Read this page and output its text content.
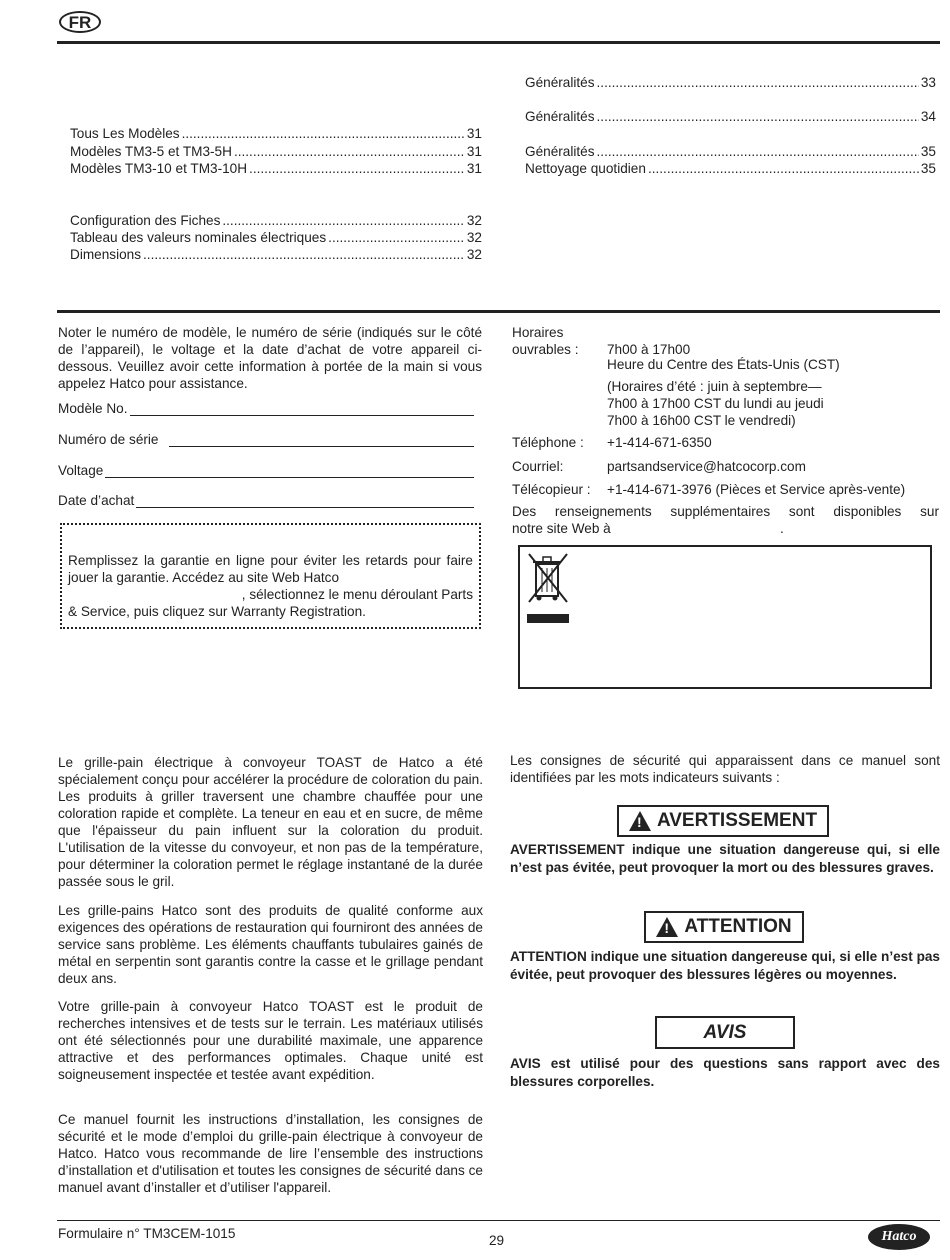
FR
Tous Les Modèles .....	31
Modèles TM3-5 et TM3-5H .....	31
Modèles TM3-10 et TM3-10H .....	31
Configuration des Fiches .....	32
Tableau des valeurs nominales électriques .....	32
Dimensions .....	32
Généralités .....	33
Généralités .....	34
Généralités .....	35
Nettoyage quotidien .....	35
Noter le numéro de modèle, le numéro de série (indiqués sur le côté de l’appareil), le voltage et la date d’achat de votre appareil ci-dessous. Veuillez avoir cette information à portée de la main si vous appelez Hatco pour assistance.
Modèle No.
Numéro de série
Voltage
Date d’achat
Remplissez la garantie en ligne pour éviter les retards pour faire jouer la garantie. Accédez au site Web Hatco
, sélectionnez le menu déroulant Parts
& Service, puis cliquez sur Warranty Registration.
Horaires
ouvrables : 7h00 à 17h00
Heure du Centre des États-Unis (CST)
(Horaires d’été : juin à septembre—
7h00 à 17h00 CST du lundi au jeudi
7h00 à 16h00 CST le vendredi)
Téléphone : +1-414-671-6350
Courriel:	partsandservice@hatcocorp.com
Télécopieur : +1-414-671-3976 (Pièces et Service après-vente)
Des renseignements supplémentaires sont disponibles sur
notre site Web à	.
Le grille-pain électrique à convoyeur TOAST de Hatco a été spécialement conçu pour accélérer la procédure de coloration du pain. Les produits à griller traversent une chambre chauffée pour une coloration rapide et complète. La teneur en eau et en sucre, de même que l'épaisseur du pain influent sur la coloration du produit. L'utilisation de la vitesse du convoyeur, et non pas de la température, pour déterminer la coloration permet le réglage instantané de la durée passée sous le gril.
Les grille-pains Hatco sont des produits de qualité conforme aux exigences des opérations de restauration qui fourniront des années de service sans problème. Les éléments chauffants tubulaires gainés de métal en serpentin sont garantis contre la casse et le grillage pendant deux ans.
Votre grille-pain à convoyeur Hatco TOAST est le produit de recherches intensives et de tests sur le terrain. Les matériaux utilisés ont été sélectionnés pour une durabilité maximale, une apparence attractive et des performances optimales. Chaque unité est soigneusement inspectée et testée avant expédition.
Ce manuel fournit les instructions d’installation, les consignes de sécurité et le mode d’emploi du grille-pain électrique à convoyeur de Hatco. Hatco vous recommande de lire l’ensemble des instructions d’installation et d'utilisation et toutes les consignes de sécurité dans ce manuel avant d’installer et d’utiliser l'appareil.
Les consignes de sécurité qui apparaissent dans ce manuel sont identifiées par les mots indicateurs suivants :
!
AVERTISSEMENT
AVERTISSEMENT indique une situation dangereuse qui, si elle n’est pas évitée, peut provoquer la mort ou des blessures graves.
!
ATTENTION
ATTENTION indique une situation dangereuse qui, si elle n’est pas évitée, peut provoquer des blessures légères ou moyennes.
AVIS
AVIS est utilisé pour des questions sans rapport avec des blessures corporelles.
Formulaire n° TM3CEM-1015	29	Hatco
